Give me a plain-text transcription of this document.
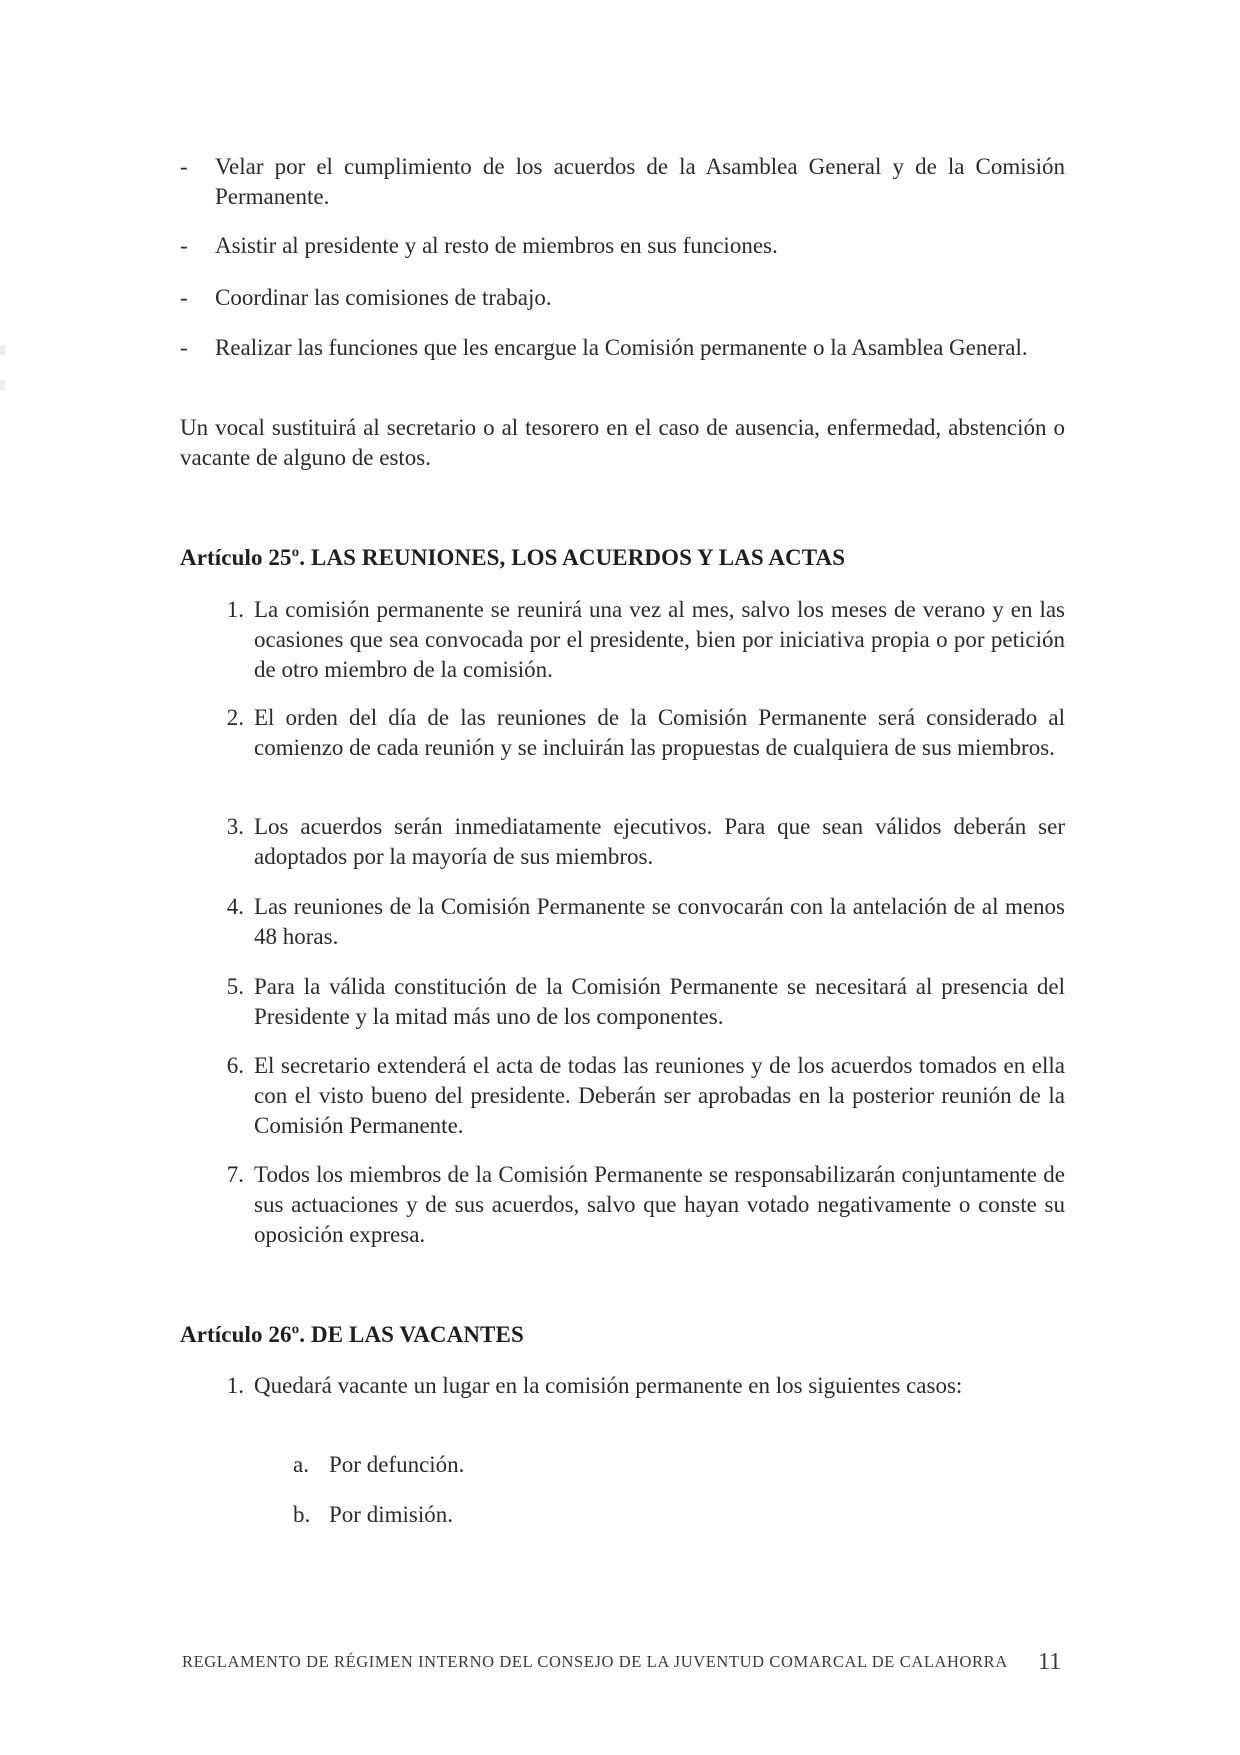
-	Velar por el cumplimiento de los acuerdos de la Asamblea General y de la Comisión Permanente.
-	Asistir al presidente y al resto de miembros en sus funciones.
-	Coordinar las comisiones de trabajo.
-	Realizar las funciones que les encargue la Comisión permanente o la Asamblea General.
Un vocal sustituirá al secretario o al tesorero en el caso de ausencia, enfermedad, abstención o vacante de alguno de estos.
Artículo 25º. LAS REUNIONES, LOS ACUERDOS Y LAS ACTAS
1. La comisión permanente se reunirá una vez al mes, salvo los meses de verano y en las ocasiones que sea convocada por el presidente, bien por iniciativa propia o por petición de otro miembro de la comisión.
2. El orden del día de las reuniones de la Comisión Permanente será considerado al comienzo de cada reunión y se incluirán las propuestas de cualquiera de sus miembros.
3. Los acuerdos serán inmediatamente ejecutivos. Para que sean válidos deberán ser adoptados por la mayoría de sus miembros.
4. Las reuniones de la Comisión Permanente se convocarán con la antelación de al menos 48 horas.
5. Para la válida constitución de la Comisión Permanente se necesitará al presencia del Presidente y la mitad más uno de los componentes.
6. El secretario extenderá el acta de todas las reuniones y de los acuerdos tomados en ella con el visto bueno del presidente. Deberán ser aprobadas en la posterior reunión de la Comisión Permanente.
7. Todos los miembros de la Comisión Permanente se responsabilizarán conjuntamente de sus actuaciones y de sus acuerdos, salvo que hayan votado negativamente o conste su oposición expresa.
Artículo 26º. DE LAS VACANTES
1. Quedará vacante un lugar en la comisión permanente en los siguientes casos:
a. Por defunción.
b. Por dimisión.
REGLAMENTO DE RÉGIMEN INTERNO DEL CONSEJO DE LA JUVENTUD COMARCAL DE CALAHORRA 11
